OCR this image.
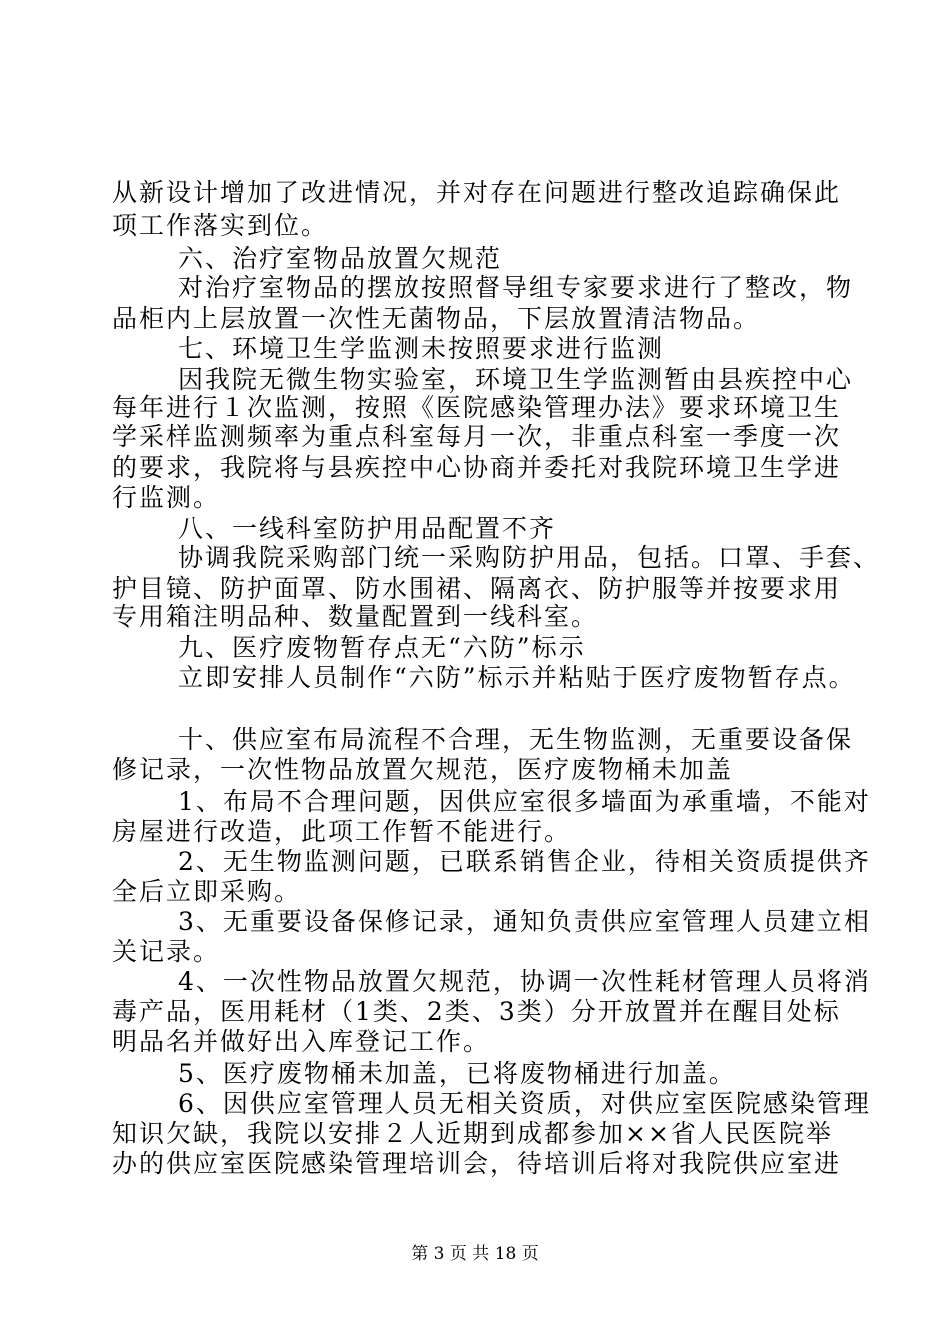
从新设计增加了改进情况，并对存在问题进行整改追踪确保此
项工作落实到位。
六、治疗室物品放置欠规范
对治疗室物品的摆放按照督导组专家要求进行了整改，物
品柜内上层放置一次性无菌物品，下层放置清洁物品。
七、环境卫生学监测未按照要求进行监测
因我院无微生物实验室，环境卫生学监测暂由县疾控中心
每年进行１次监测，按照《医院感染管理办法》要求环境卫生
学采样监测频率为重点科室每月一次，非重点科室一季度一次
的要求，我院将与县疾控中心协商并委托对我院环境卫生学进
行监测。
八、一线科室防护用品配置不齐
协调我院采购部门统一采购防护用品，包括。口罩、手套、
护目镜、防护面罩、防水围裙、隔离衣、防护服等并按要求用
专用箱注明品种、数量配置到一线科室。
九、医疗废物暂存点无“六防”标示
立即安排人员制作“六防”标示并粘贴于医疗废物暂存点。
十、供应室布局流程不合理，无生物监测，无重要设备保
修记录，一次性物品放置欠规范，医疗废物桶未加盖
1、布局不合理问题，因供应室很多墙面为承重墙，不能对
房屋进行改造，此项工作暂不能进行。
2、无生物监测问题，已联系销售企业，待相关资质提供齐
全后立即采购。
3、无重要设备保修记录，通知负责供应室管理人员建立相
关记录。
4、一次性物品放置欠规范，协调一次性耗材管理人员将消
毒产品，医用耗材（1类、2类、3类）分开放置并在醒目处标
明品名并做好出入库登记工作。
5、医疗废物桶未加盖，已将废物桶进行加盖。
6、因供应室管理人员无相关资质，对供应室医院感染管理
知识欠缺，我院以安排２人近期到成都参加××省人民医院举
办的供应室医院感染管理培训会，待培训后将对我院供应室进
第 3 页 共 18 页
